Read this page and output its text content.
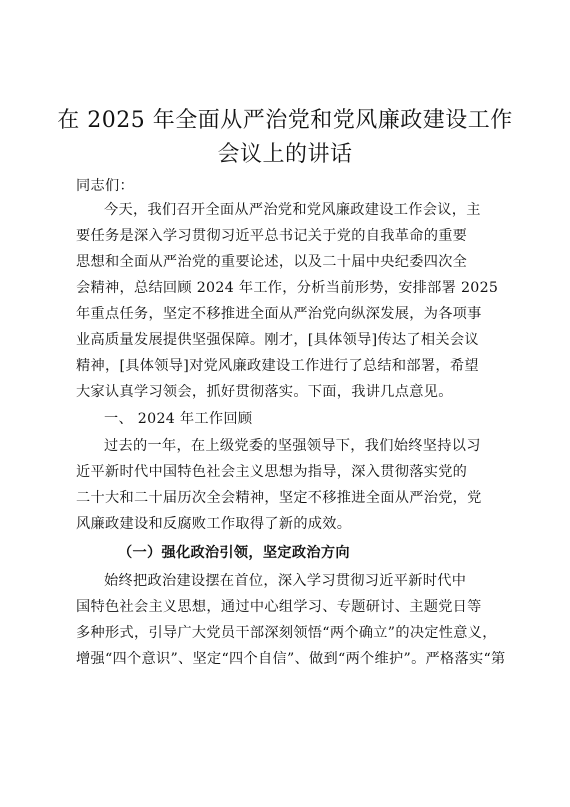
在 2025 年全面从严治党和党风廉政建设工作
会议上的讲话
同志们：
今天，我们召开全面从严治党和党风廉政建设工作会议，主
要任务是深入学习贯彻习近平总书记关于党的自我革命的重要
思想和全面从严治党的重要论述，以及二十届中央纪委四次全
会精神，总结回顾 2024 年工作，分析当前形势，安排部署 2025
年重点任务，坚定不移推进全面从严治党向纵深发展，为各项事
业高质量发展提供坚强保障。刚才，[具体领导]传达了相关会议
精神，[具体领导]对党风廉政建设工作进行了总结和部署，希望
大家认真学习领会，抓好贯彻落实。下面，我讲几点意见。
一、 2024 年工作回顾
过去的一年，在上级党委的坚强领导下，我们始终坚持以习
近平新时代中国特色社会主义思想为指导，深入贯彻落实党的
二十大和二十届历次全会精神，坚定不移推进全面从严治党，党
风廉政建设和反腐败工作取得了新的成效。
（一）强化政治引领，坚定政治方向
始终把政治建设摆在首位，深入学习贯彻习近平新时代中
国特色社会主义思想，通过中心组学习、专题研讨、主题党日等
多种形式，引导广大党员干部深刻领悟“两个确立”的决定性意义，
增强“四个意识”、坚定“四个自信”、做到“两个维护”。严格落实“第
